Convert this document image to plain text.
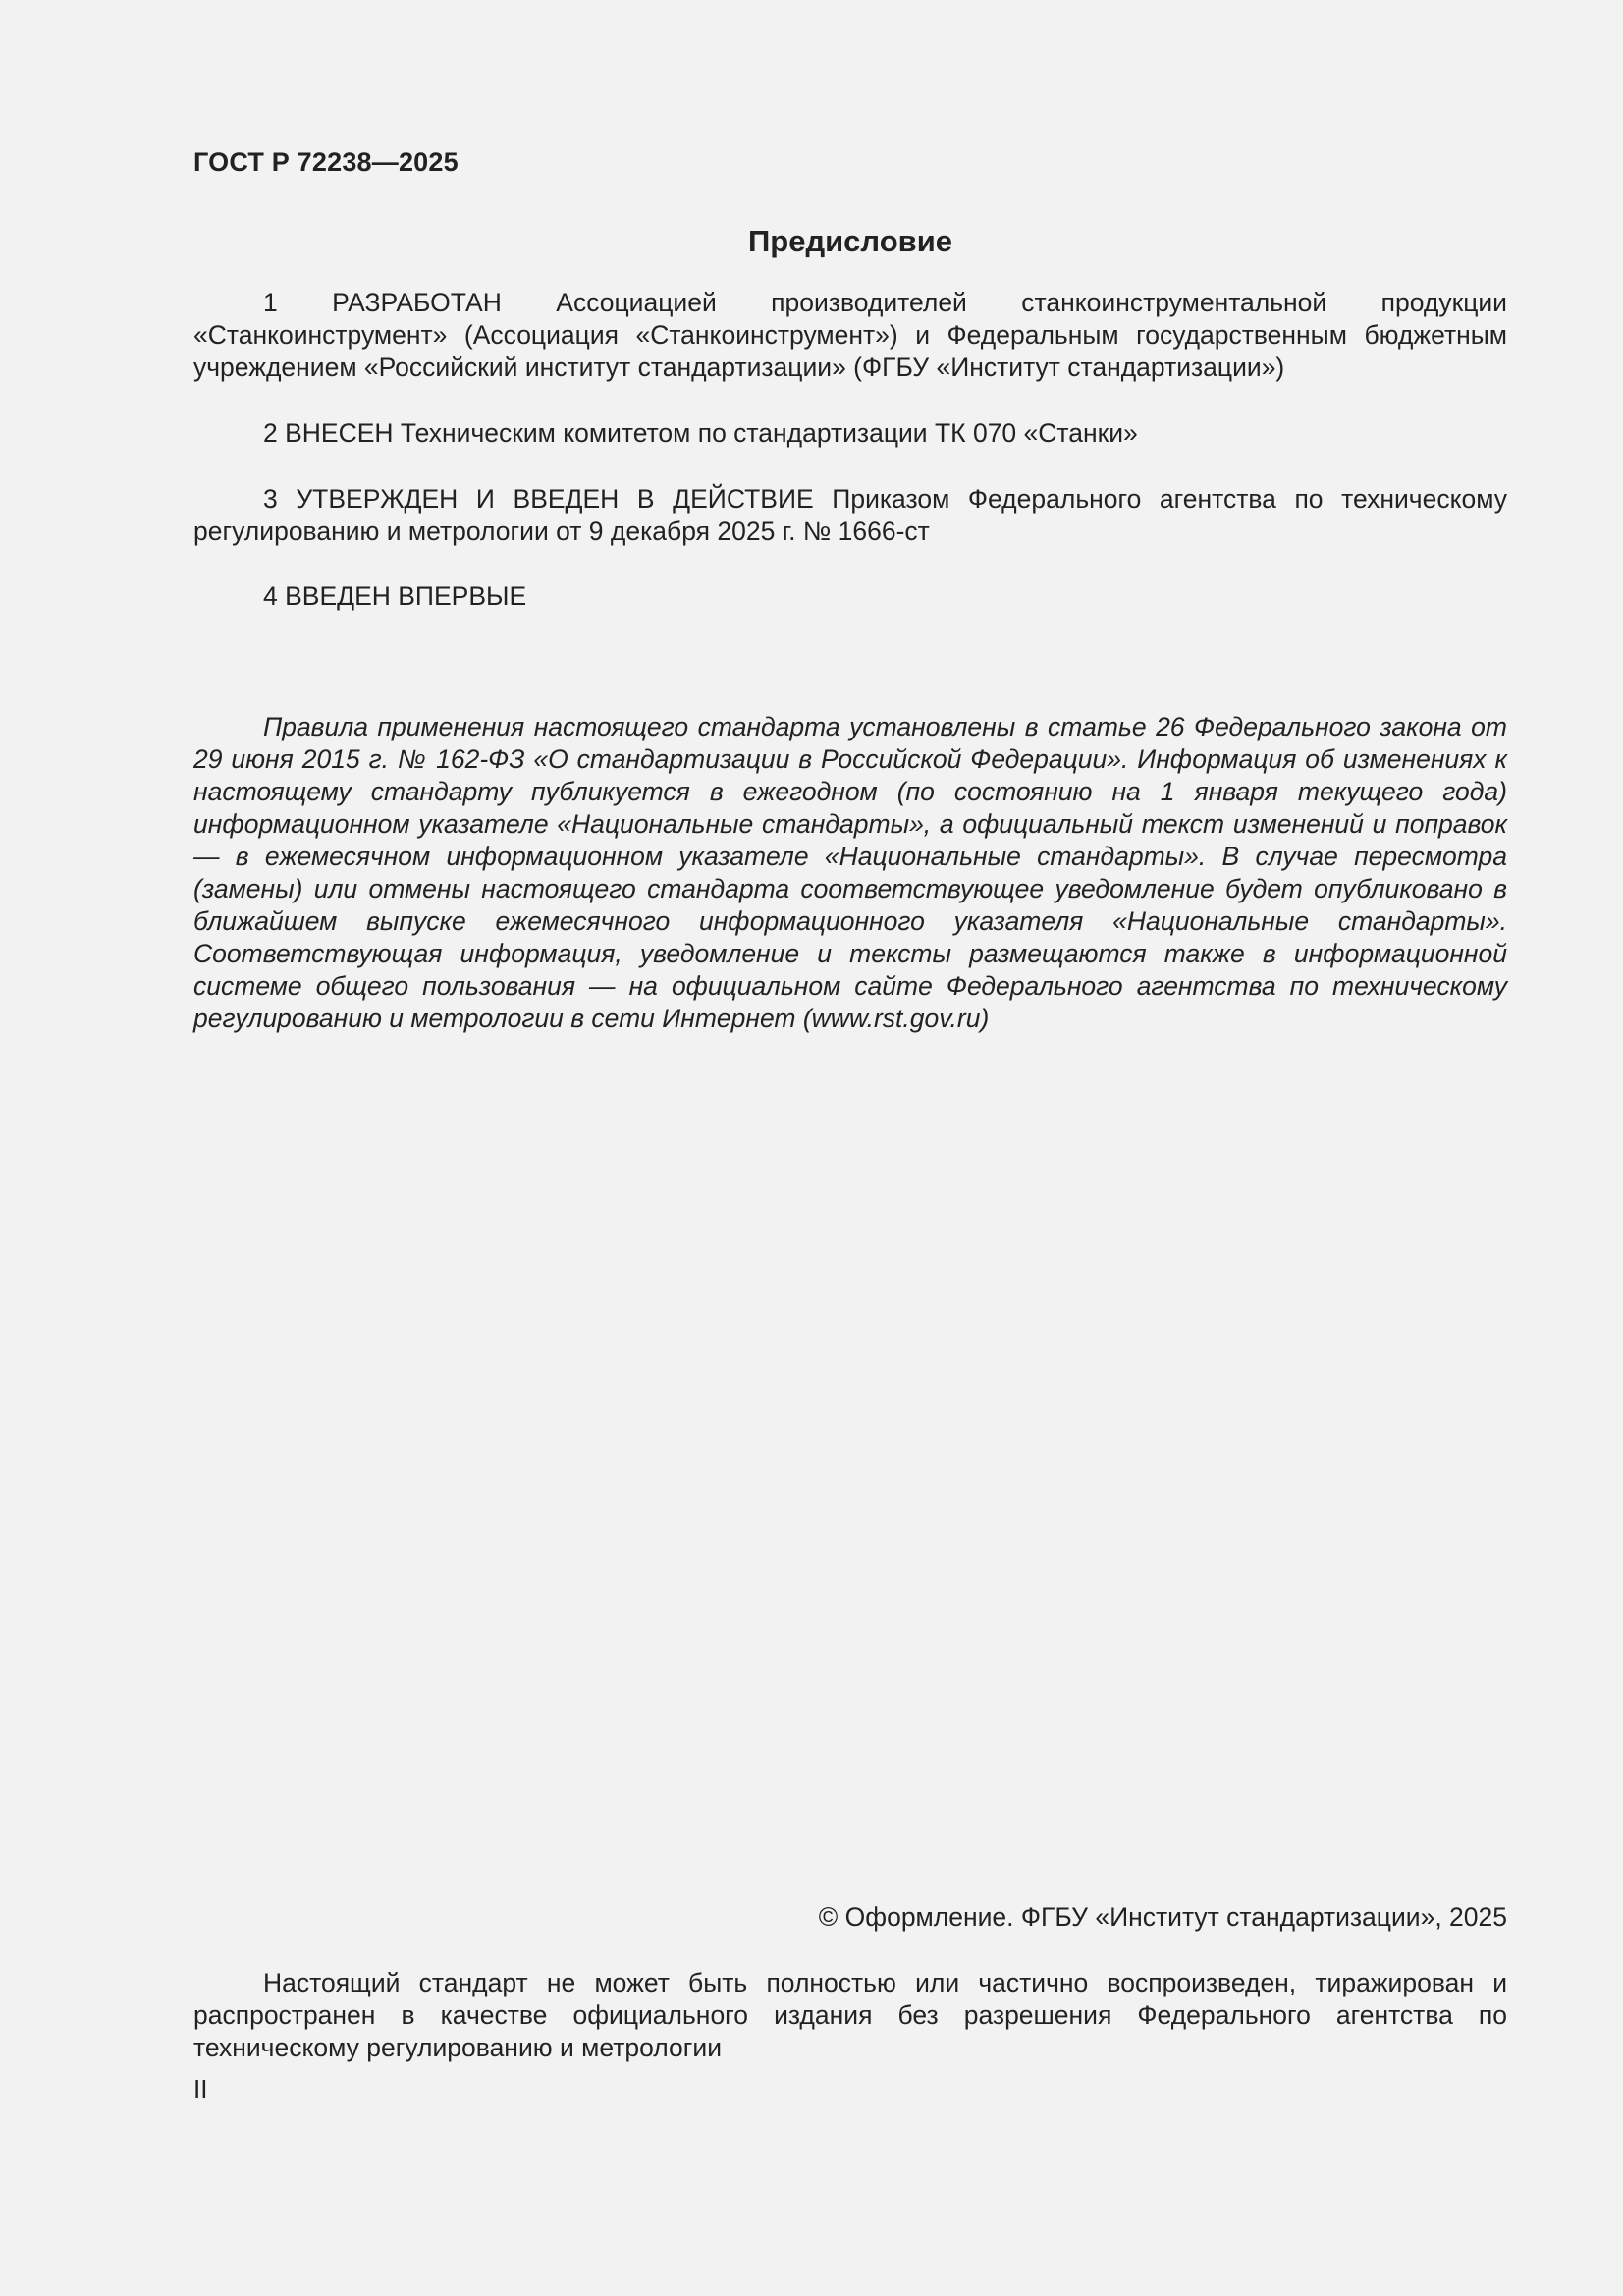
ГОСТ Р 72238—2025
Предисловие

1 РАЗРАБОТАН Ассоциацией производителей станкоинструментальной продукции «Станкоинструмент» (Ассоциация «Станкоинструмент») и Федеральным государственным бюджетным учреждением «Российский институт стандартизации» (ФГБУ «Институт стандартизации»)

2 ВНЕСЕН Техническим комитетом по стандартизации ТК 070 «Станки»

3 УТВЕРЖДЕН И ВВЕДЕН В ДЕЙСТВИЕ Приказом Федерального агентства по техническому регулированию и метрологии от 9 декабря 2025 г. № 1666-ст

4 ВВЕДЕН ВПЕРВЫЕ

Правила применения настоящего стандарта установлены в статье 26 Федерального закона от 29 июня 2015 г. № 162-ФЗ «О стандартизации в Российской Федерации». Информация об изменениях к настоящему стандарту публикуется в ежегодном (по состоянию на 1 января текущего года) информационном указателе «Национальные стандарты», а официальный текст изменений и поправок — в ежемесячном информационном указателе «Национальные стандарты». В случае пересмотра (замены) или отмены настоящего стандарта соответствующее уведомление будет опубликовано в ближайшем выпуске ежемесячного информационного указателя «Национальные стандарты». Соответствующая информация, уведомление и тексты размещаются также в информационной системе общего пользования — на официальном сайте Федерального агентства по техническому регулированию и метрологии в сети Интернет (www.rst.gov.ru)

© Оформление. ФГБУ «Институт стандартизации», 2025

Настоящий стандарт не может быть полностью или частично воспроизведен, тиражирован и распространен в качестве официального издания без разрешения Федерального агентства по техническому регулированию и метрологии

II
